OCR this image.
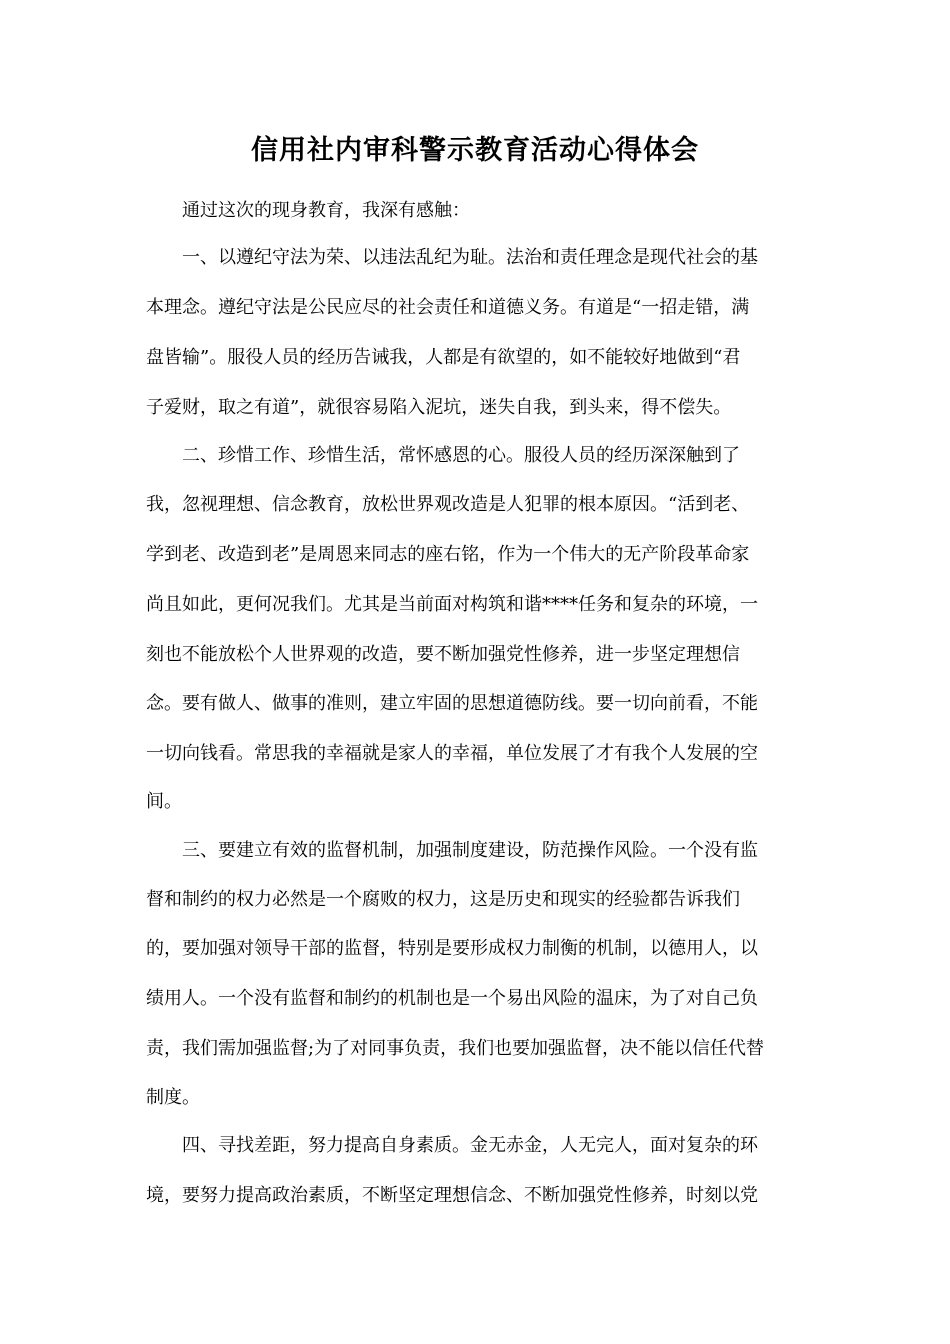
信用社内审科警示教育活动心得体会

通过这次的现身教育，我深有感触：

一、以遵纪守法为荣、以违法乱纪为耻。法治和责任理念是现代社会的基

本理念。遵纪守法是公民应尽的社会责任和道德义务。有道是“一招走错，满

盘皆输”。服役人员的经历告诫我，人都是有欲望的，如不能较好地做到“君

子爱财，取之有道”，就很容易陷入泥坑，迷失自我，到头来，得不偿失。

二、珍惜工作、珍惜生活，常怀感恩的心。服役人员的经历深深触到了

我，忽视理想、信念教育，放松世界观改造是人犯罪的根本原因。“活到老、

学到老、改造到老”是周恩来同志的座右铭，作为一个伟大的无产阶段革命家

尚且如此，更何况我们。尤其是当前面对构筑和谐****任务和复杂的环境，一

刻也不能放松个人世界观的改造，要不断加强党性修养，进一步坚定理想信

念。要有做人、做事的准则，建立牢固的思想道德防线。要一切向前看，不能

一切向钱看。常思我的幸福就是家人的幸福，单位发展了才有我个人发展的空

间。

三、要建立有效的监督机制，加强制度建设，防范操作风险。一个没有监

督和制约的权力必然是一个腐败的权力，这是历史和现实的经验都告诉我们

的，要加强对领导干部的监督，特别是要形成权力制衡的机制，以德用人，以

绩用人。一个没有监督和制约的机制也是一个易出风险的温床，为了对自己负

责，我们需加强监督;为了对同事负责，我们也要加强监督，决不能以信任代替

制度。

四、寻找差距，努力提高自身素质。金无赤金，人无完人，面对复杂的环

境，要努力提高政治素质，不断坚定理想信念、不断加强党性修养，时刻以党
